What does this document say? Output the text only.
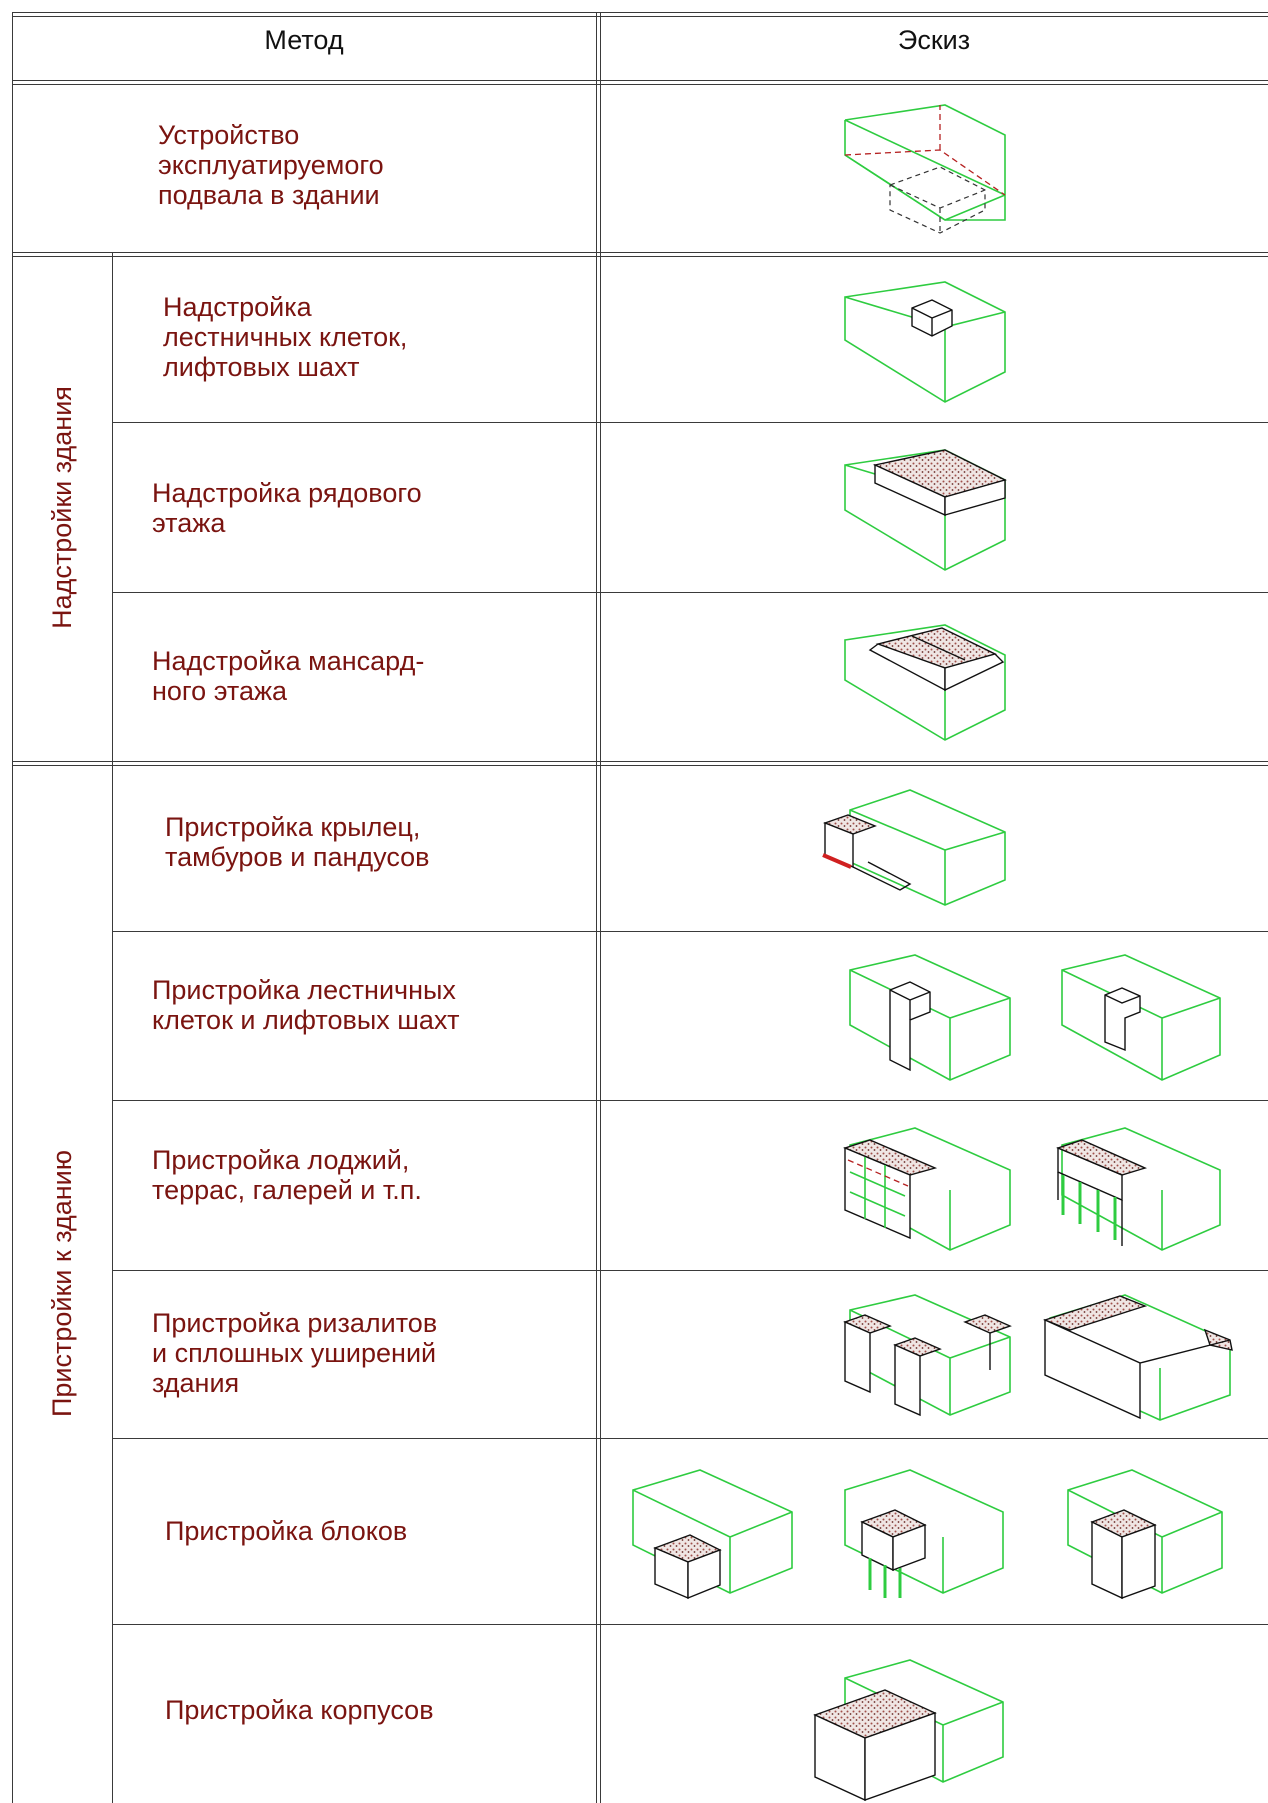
Метод	Эскиз
Надстройки здания
Пристройки к зданию
Устройство
эксплуатируемого
подвала в здании
Надстройка
лестничных клеток,
лифтовых шахт
Надстройка рядового
этажа
Надстройка мансард-
ного этажа
Пристройка крылец,
тамбуров и пандусов
Пристройка лестничных
клеток и лифтовых шахт
Пристройка лоджий,
террас, галерей и т.п.
Пристройка ризалитов
и сплошных уширений
здания
Пристройка блоков
Пристройка корпусов
